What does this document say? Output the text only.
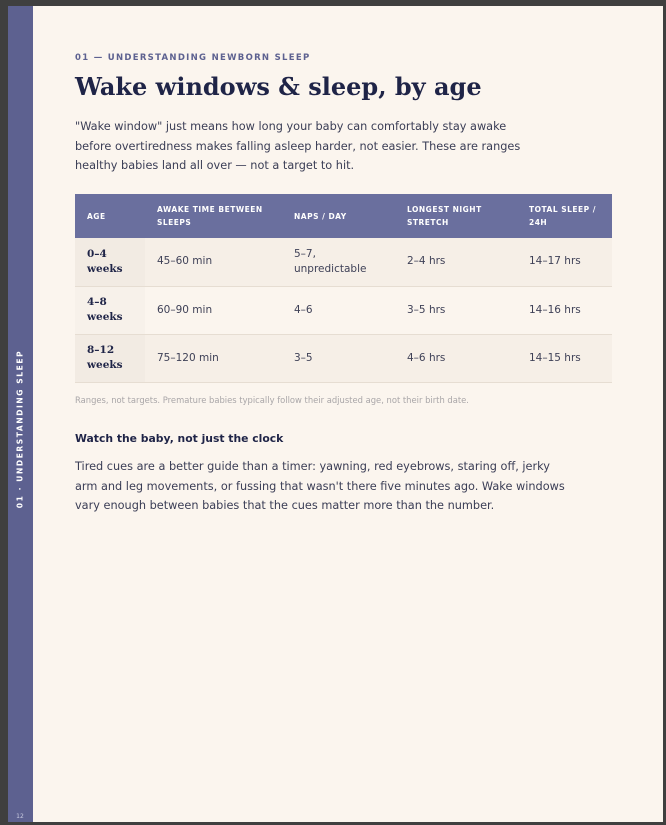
01 · UNDERSTANDING SLEEP
12
01 — UNDERSTANDING NEWBORN SLEEP
Wake windows & sleep, by age

"Wake window" just means how long your baby can comfortably stay awake before overtiredness makes falling asleep harder, not easier. These are ranges healthy babies land all over — not a target to hit.

AGE	AWAKE TIME BETWEEN SLEEPS	NAPS / DAY	LONGEST NIGHT STRETCH	TOTAL SLEEP / 24H
0–4 weeks	45–60 min	5–7, unpredictable	2–4 hrs	14–17 hrs
4–8 weeks	60–90 min	4–6	3–5 hrs	14–16 hrs
8–12 weeks	75–120 min	3–5	4–6 hrs	14–15 hrs
Ranges, not targets. Premature babies typically follow their adjusted age, not their birth date.
Watch the baby, not just the clock

Tired cues are a better guide than a timer: yawning, red eyebrows, staring off, jerky arm and leg movements, or fussing that wasn't there five minutes ago. Wake windows vary enough between babies that the cues matter more than the number.
